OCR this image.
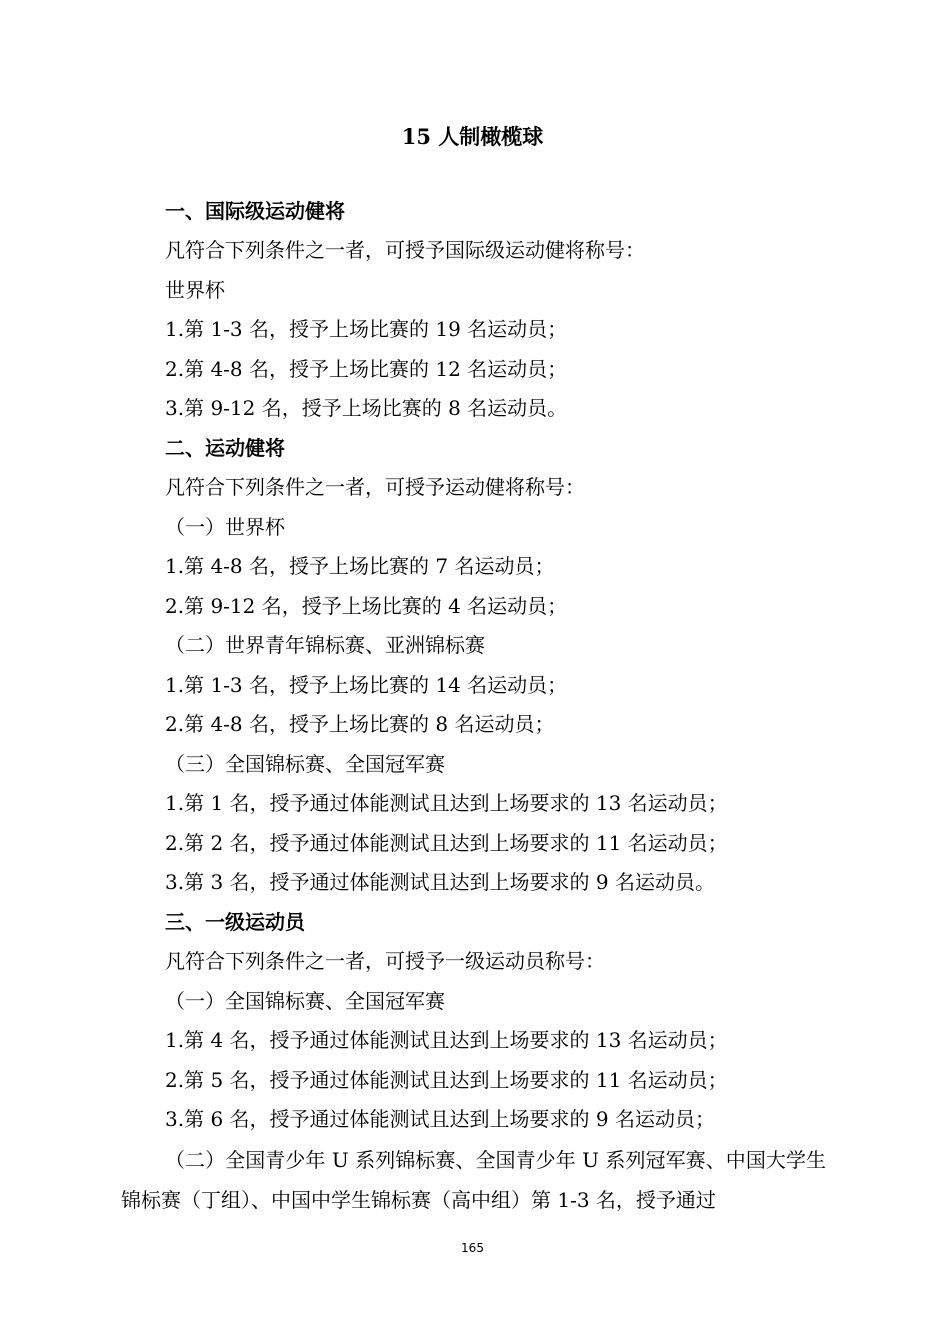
15 人制橄榄球
一、国际级运动健将
凡符合下列条件之一者，可授予国际级运动健将称号：
世界杯
1.第 1-3 名，授予上场比赛的 19 名运动员；
2.第 4-8 名，授予上场比赛的 12 名运动员；
3.第 9-12 名，授予上场比赛的 8 名运动员。
二、运动健将
凡符合下列条件之一者，可授予运动健将称号：
（一）世界杯
1.第 4-8 名，授予上场比赛的 7 名运动员；
2.第 9-12 名，授予上场比赛的 4 名运动员；
（二）世界青年锦标赛、亚洲锦标赛
1.第 1-3 名，授予上场比赛的 14 名运动员；
2.第 4-8 名，授予上场比赛的 8 名运动员；
（三）全国锦标赛、全国冠军赛
1.第 1 名，授予通过体能测试且达到上场要求的 13 名运动员；
2.第 2 名，授予通过体能测试且达到上场要求的 11 名运动员；
3.第 3 名，授予通过体能测试且达到上场要求的 9 名运动员。
三、一级运动员
凡符合下列条件之一者，可授予一级运动员称号：
（一）全国锦标赛、全国冠军赛
1.第 4 名，授予通过体能测试且达到上场要求的 13 名运动员；
2.第 5 名，授予通过体能测试且达到上场要求的 11 名运动员；
3.第 6 名，授予通过体能测试且达到上场要求的 9 名运动员；
（二）全国青少年 U 系列锦标赛、全国青少年 U 系列冠军赛、中国大学生锦标赛（丁组）、中国中学生锦标赛（高中组）第 1-3 名，授予通过
165
